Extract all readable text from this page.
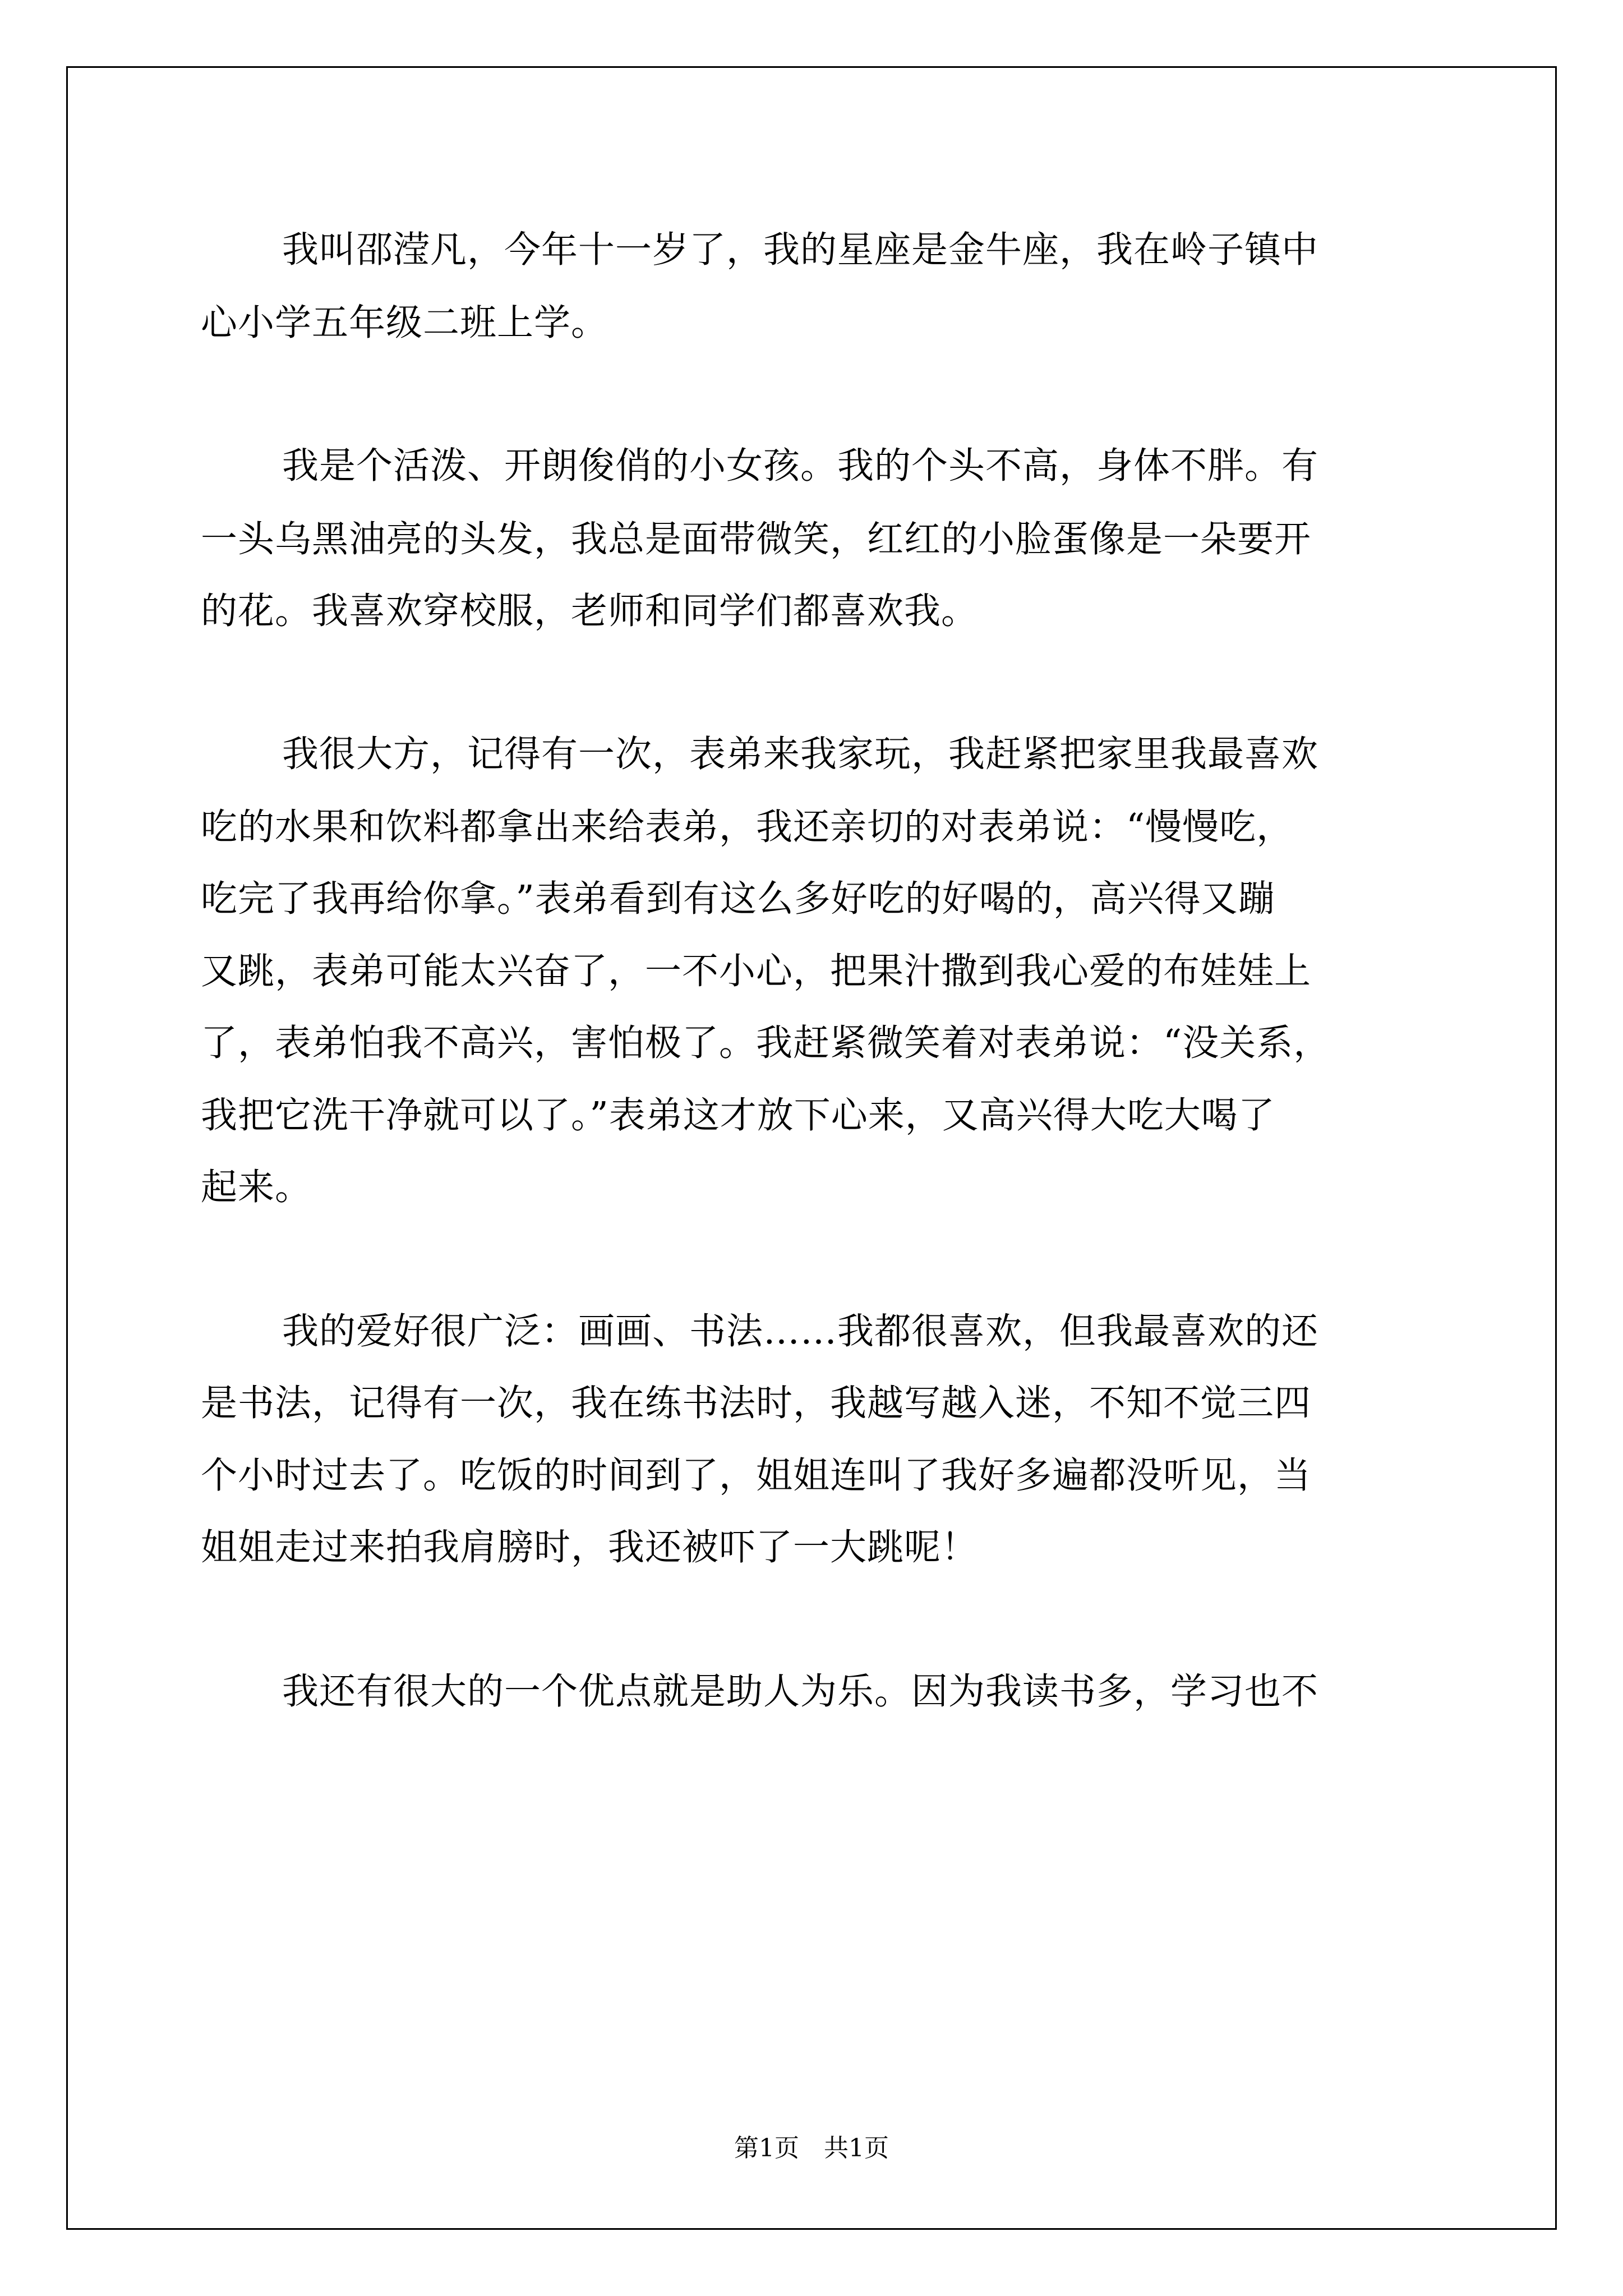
我叫邵滢凡，今年十一岁了，我的星座是金牛座，我在岭子镇中

心小学五年级二班上学。

我是个活泼、开朗俊俏的小女孩。我的个头不高，身体不胖。有

一头乌黑油亮的头发，我总是面带微笑，红红的小脸蛋像是一朵要开

的花。我喜欢穿校服，老师和同学们都喜欢我。

我很大方，记得有一次，表弟来我家玩，我赶紧把家里我最喜欢

吃的水果和饮料都拿出来给表弟，我还亲切的对表弟说：“慢慢吃，

吃完了我再给你拿。”表弟看到有这么多好吃的好喝的，高兴得又蹦

又跳，表弟可能太兴奋了，一不小心，把果汁撒到我心爱的布娃娃上

了，表弟怕我不高兴，害怕极了。我赶紧微笑着对表弟说：“没关系，

我把它洗干净就可以了。”表弟这才放下心来，又高兴得大吃大喝了

起来。

我的爱好很广泛：画画、书法……我都很喜欢，但我最喜欢的还

是书法，记得有一次，我在练书法时，我越写越入迷，不知不觉三四

个小时过去了。吃饭的时间到了，姐姐连叫了我好多遍都没听见，当

姐姐走过来拍我肩膀时，我还被吓了一大跳呢！

我还有很大的一个优点就是助人为乐。因为我读书多，学习也不

第1页　共1页
